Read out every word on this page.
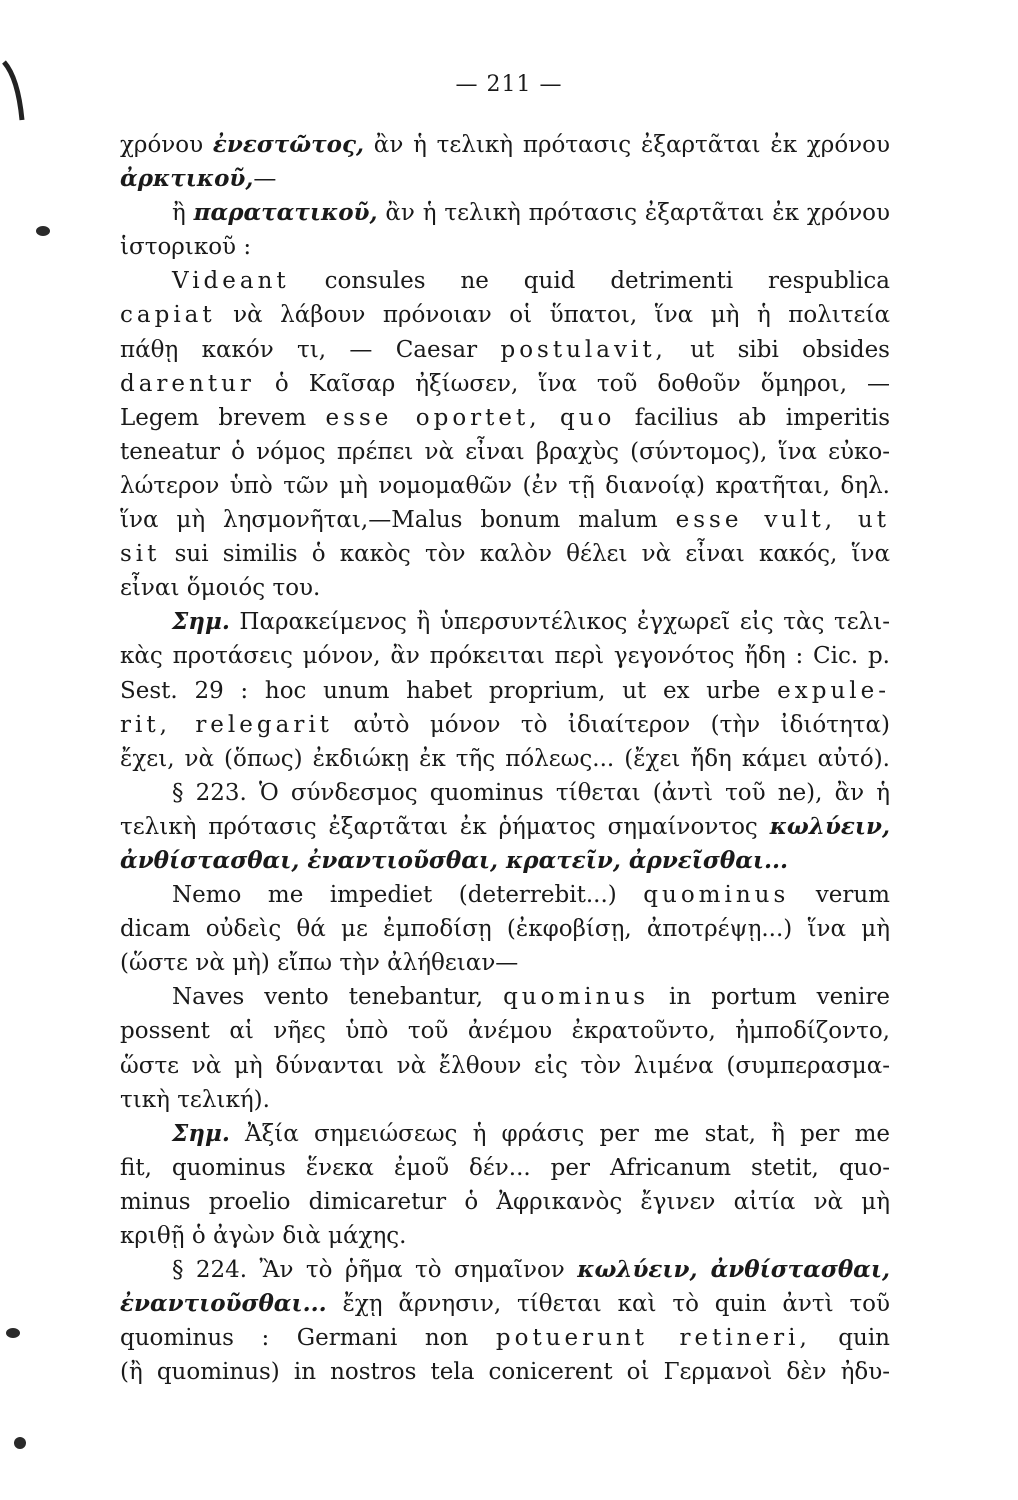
— 211 —
χρόνου ἐνεστῶτος, ἂν ἡ τελικὴ πρότασις ἐξαρτᾶται ἐκ χρόνου
ἀρκτικοῦ,—
ἢ παρατατικοῦ, ἂν ἡ τελικὴ πρότασις ἐξαρτᾶται ἐκ χρόνου
ἱστορικοῦ :
Videant consules ne quid detrimenti respublica
capiat νὰ λάβουν πρόνοιαν οἱ ὕπατοι, ἵνα μὴ ἡ πολιτεία
πάθῃ κακόν τι, — Caesar postulavit, ut sibi obsides
darentur ὁ Καῖσαρ ἠξίωσεν, ἵνα τοῦ δοθοῦν ὅμηροι, —
Legem brevem esse oportet, quo facilius ab imperitis
teneatur ὁ νόμος πρέπει νὰ εἶναι βραχὺς (σύντομος), ἵνα εὐκο-
λώτερον ὑπὸ τῶν μὴ νομομαθῶν (ἐν τῇ διανοίᾳ) κρατῆται, δηλ.
ἵνα μὴ λησμονῆται,—Malus bonum malum esse vult, ut
sit sui similis ὁ κακὸς τὸν καλὸν θέλει νὰ εἶναι κακός, ἵνα
εἶναι ὅμοιός του.
Σημ. Παρακείμενος ἢ ὑπερσυντέλικος ἐγχωρεῖ εἰς τὰς τελι-
κὰς προτάσεις μόνον, ἂν πρόκειται περὶ γεγονότος ἤδη : Cic. p.
Sest. 29 : hoc unum habet proprium, ut ex urbe expule-
rit, relegarit αὐτὸ μόνον τὸ ἰδιαίτερον (τὴν ἰδιότητα)
ἔχει, νὰ (ὅπως) ἐκδιώκῃ ἐκ τῆς πόλεως... (ἔχει ἤδη κάμει αὐτό).
§ 223. Ὁ σύνδεσμος quominus τίθεται (ἀντὶ τοῦ ne), ἂν ἡ
τελικὴ πρότασις ἐξαρτᾶται ἐκ ῥήματος σημαίνοντος κωλύειν,
ἀνθίστασθαι, ἐναντιοῦσθαι, κρατεῖν, ἀρνεῖσθαι...
Nemo me impediet (deterrebit...) quominus verum
dicam οὐδεὶς θά με ἐμποδίσῃ (ἐκφοβίσῃ, ἀποτρέψῃ...) ἵνα μὴ
(ὥστε νὰ μὴ) εἴπω τὴν ἀλήθειαν—
Naves vento tenebantur, quominus in portum venire
possent αἱ νῆες ὑπὸ τοῦ ἀνέμου ἐκρατοῦντο, ἠμποδίζοντο,
ὥστε νὰ μὴ δύνανται νὰ ἔλθουν εἰς τὸν λιμένα (συμπερασμα-
τικὴ τελική).
Σημ. Ἀξία σημειώσεως ἡ φράσις per me stat, ἢ per me
fit, quominus ἕνεκα ἐμοῦ δέν... per Africanum stetit, quo-
minus proelio dimicaretur ὁ Ἀφρικανὸς ἔγινεν αἰτία νὰ μὴ
κριθῇ ὁ ἀγὼν διὰ μάχης.
§ 224. Ἂν τὸ ῥῆμα τὸ σημαῖνον κωλύειν, ἀνθίστασθαι,
ἐναντιοῦσθαι... ἔχῃ ἄρνησιν, τίθεται καὶ τὸ quin ἀντὶ τοῦ
quominus : Germani non potuerunt retineri, quin
(ἢ quominus) in nostros tela conicerent οἱ Γερμανοὶ δὲν ἠδυ-
